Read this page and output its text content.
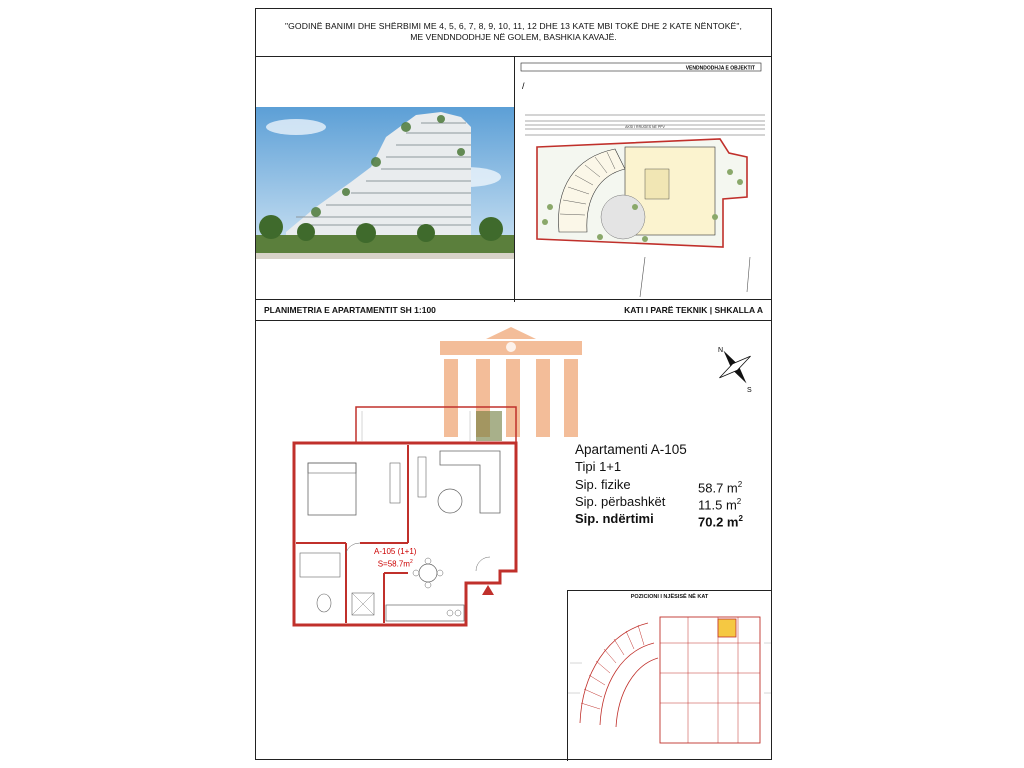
"GODINË BANIMI DHE SHËRBIMI ME 4, 5, 6, 7, 8, 9, 10, 11, 12 DHE 13 KATE MBI TOKË DHE 2 KATE NËNTOKË",
ME VENDNDODHJE NË GOLEM, BASHKIA KAVAJË.
VENDNDODHJA E OBJEKTIT
/
AKSI I RRUGES NE PPV
PLANIMETRIA E APARTAMENTIT SH 1:100	KATI I PARË TEKNIK | SHKALLA A
A-105 (1+1)
$S=58.7m^2$
N
S
Apartamenti A-105
Tipi 1+1
Sip. fizike	58.7 $m^2$
Sip. përbashkët	11.5 $m^2$
Sip. ndërtimi	70.2 $m^2$
POZICIONI I NJËSISË NË KAT
